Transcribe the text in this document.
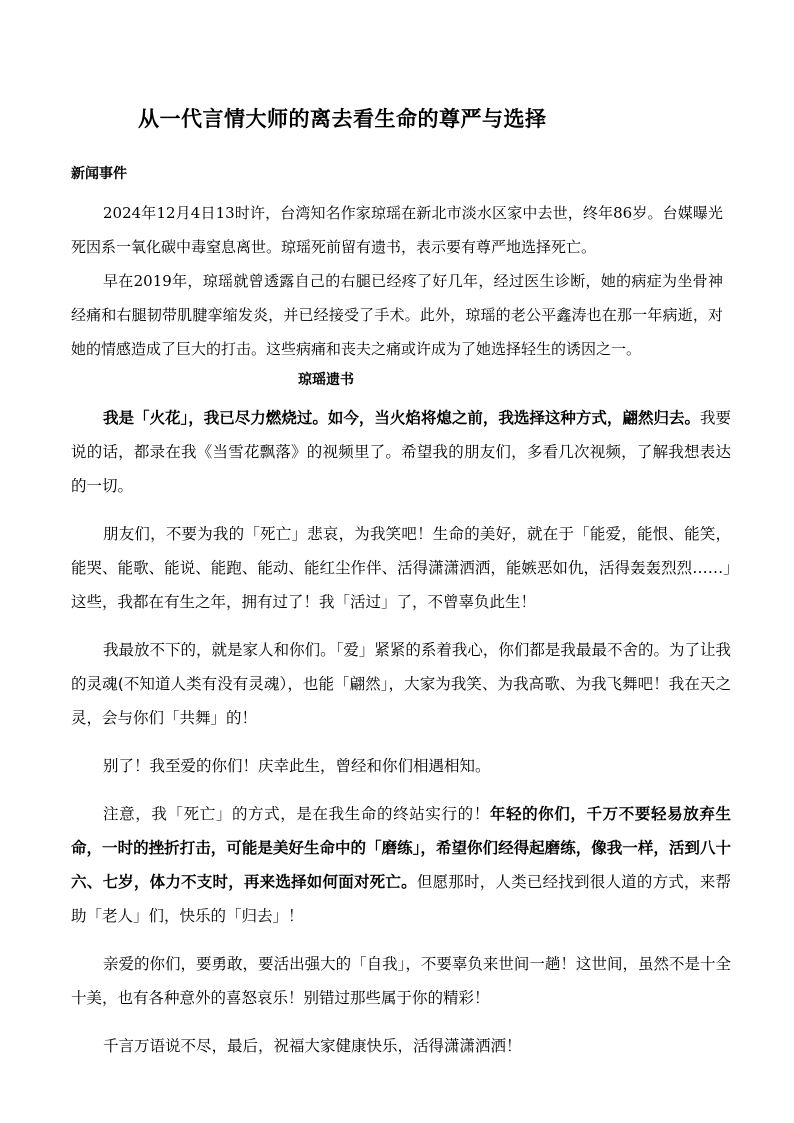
从一代言情大师的离去看生命的尊严与选择
新闻事件

2024年12月4日13时许，台湾知名作家琼瑶在新北市淡水区家中去世，终年86岁。台媒曝光死因系一氧化碳中毒窒息离世。琼瑶死前留有遗书，表示要有尊严地选择死亡。

早在2019年，琼瑶就曾透露自己的右腿已经疼了好几年，经过医生诊断，她的病症为坐骨神经痛和右腿韧带肌腱挛缩发炎，并已经接受了手术。此外，琼瑶的老公平鑫涛也在那一年病逝，对她的情感造成了巨大的打击。这些病痛和丧夫之痛或许成为了她选择轻生的诱因之一。

琼瑶遗书

我是「火花」，我已尽力燃烧过。如今，当火焰将熄之前，我选择这种方式，翩然归去。我要说的话，都录在我《当雪花飘落》的视频里了。希望我的朋友们，多看几次视频，了解我想表达的一切。

朋友们，不要为我的「死亡」悲哀，为我笑吧！生命的美好，就在于「能爱，能恨、能笑，能哭、能歌、能说、能跑、能动、能红尘作伴、活得潇潇洒洒，能嫉恶如仇，活得轰轰烈烈……」这些，我都在有生之年，拥有过了！我「活过」了，不曾辜负此生！

我最放不下的，就是家人和你们。「爱」紧紧的系着我心，你们都是我最最不舍的。为了让我的灵魂(不知道人类有没有灵魂），也能「翩然」，大家为我笑、为我高歌、为我飞舞吧！我在天之灵，会与你们「共舞」的！

别了！我至爱的你们！庆幸此生，曾经和你们相遇相知。

注意，我「死亡」的方式，是在我生命的终站实行的！年轻的你们，千万不要轻易放弃生命，一时的挫折打击，可能是美好生命中的「磨练」，希望你们经得起磨练，像我一样，活到八十六、七岁，体力不支时，再来选择如何面对死亡。但愿那时，人类已经找到很人道的方式，来帮助「老人」们，快乐的「归去」！

亲爱的你们，要勇敢，要活出强大的「自我」，不要辜负来世间一趟！这世间，虽然不是十全十美，也有各种意外的喜怒哀乐！别错过那些属于你的精彩！

千言万语说不尽，最后，祝福大家健康快乐，活得潇潇洒洒！
